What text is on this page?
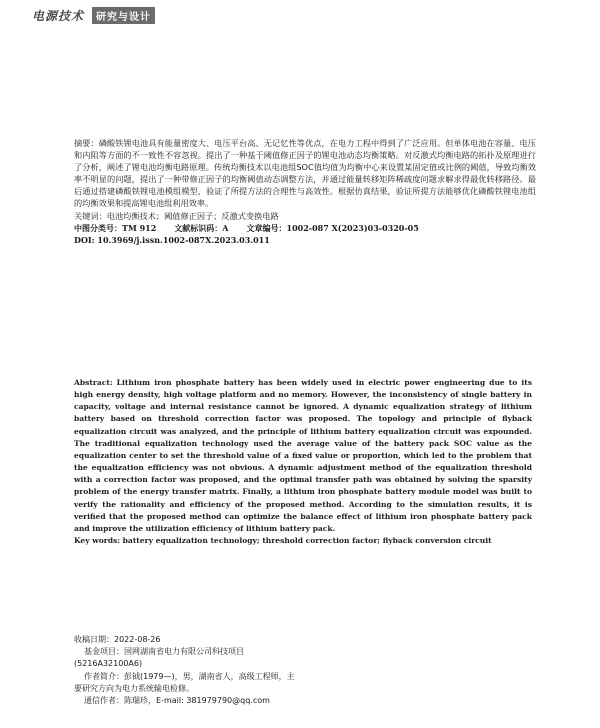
电源技术	研究与设计

摘要：磷酸铁锂电池具有能量密度大、电压平台高、无记忆性等优点，在电力工程中得到了广泛应用。但单体电池在容量、电压和内阻等方面的不一致性不容忽视。提出了一种基于阈值修正因子的锂电池动态均衡策略。对反激式均衡电路的拓扑及原理进行了分析，阐述了锂电池均衡电路原理。传统均衡技术以电池组SOC值均值为均衡中心来设置某固定值或比例的阈值，导致均衡效率不明显的问题，提出了一种带修正因子的均衡阈值动态调整方法，并通过能量转移矩阵稀疏度问题求解求得最优转移路径。最后通过搭建磷酸铁锂电池模组模型，验证了所提方法的合理性与高效性。根据仿真结果，验证所提方法能够优化磷酸铁锂电池组的均衡效果和提高锂电池组利用效率。

关键词：电池均衡技术；阈值修正因子；反激式变换电路

中图分类号：TM 912 文献标识码：A 文章编号：1002-087 X(2023)03-0320-05

DOI: 10.3969/j.issn.1002-087X.2023.03.011

Abstract: Lithium iron phosphate battery has been widely used in electric power engineering due to its high energy density, high voltage platform and no memory. However, the inconsistency of single battery in capacity, voltage and internal resistance cannot be ignored. A dynamic equalization strategy of lithium battery based on threshold correction factor was proposed. The topology and principle of flyback equalization circuit was analyzed, and the principle of lithium battery equalization circuit was expounded. The traditional equalization technology used the average value of the battery pack SOC value as the equalization center to set the threshold value of a fixed value or proportion, which led to the problem that the equalization efficiency was not obvious. A dynamic adjustment method of the equalization threshold with a correction factor was proposed, and the optimal transfer path was obtained by solving the sparsity problem of the energy transfer matrix. Finally, a lithium iron phosphate battery module model was built to verify the rationality and efficiency of the proposed method. According to the simulation results, it is verified that the proposed method can optimize the balance effect of lithium iron phosphate battery pack and improve the utilization efficiency of lithium battery pack.

Key words: battery equalization technology; threshold correction factor; flyback conversion circuit

收稿日期：2022-08-26

基金项目：国网湖南省电力有限公司科技项目

(5216A32100A6)

作者简介：彭钺(1979—)，男，湖南省人，高级工程师，主

要研究方向为电力系统输电检修。

通信作者：陈瑞珍，E-mail: 381979790@qq.com
